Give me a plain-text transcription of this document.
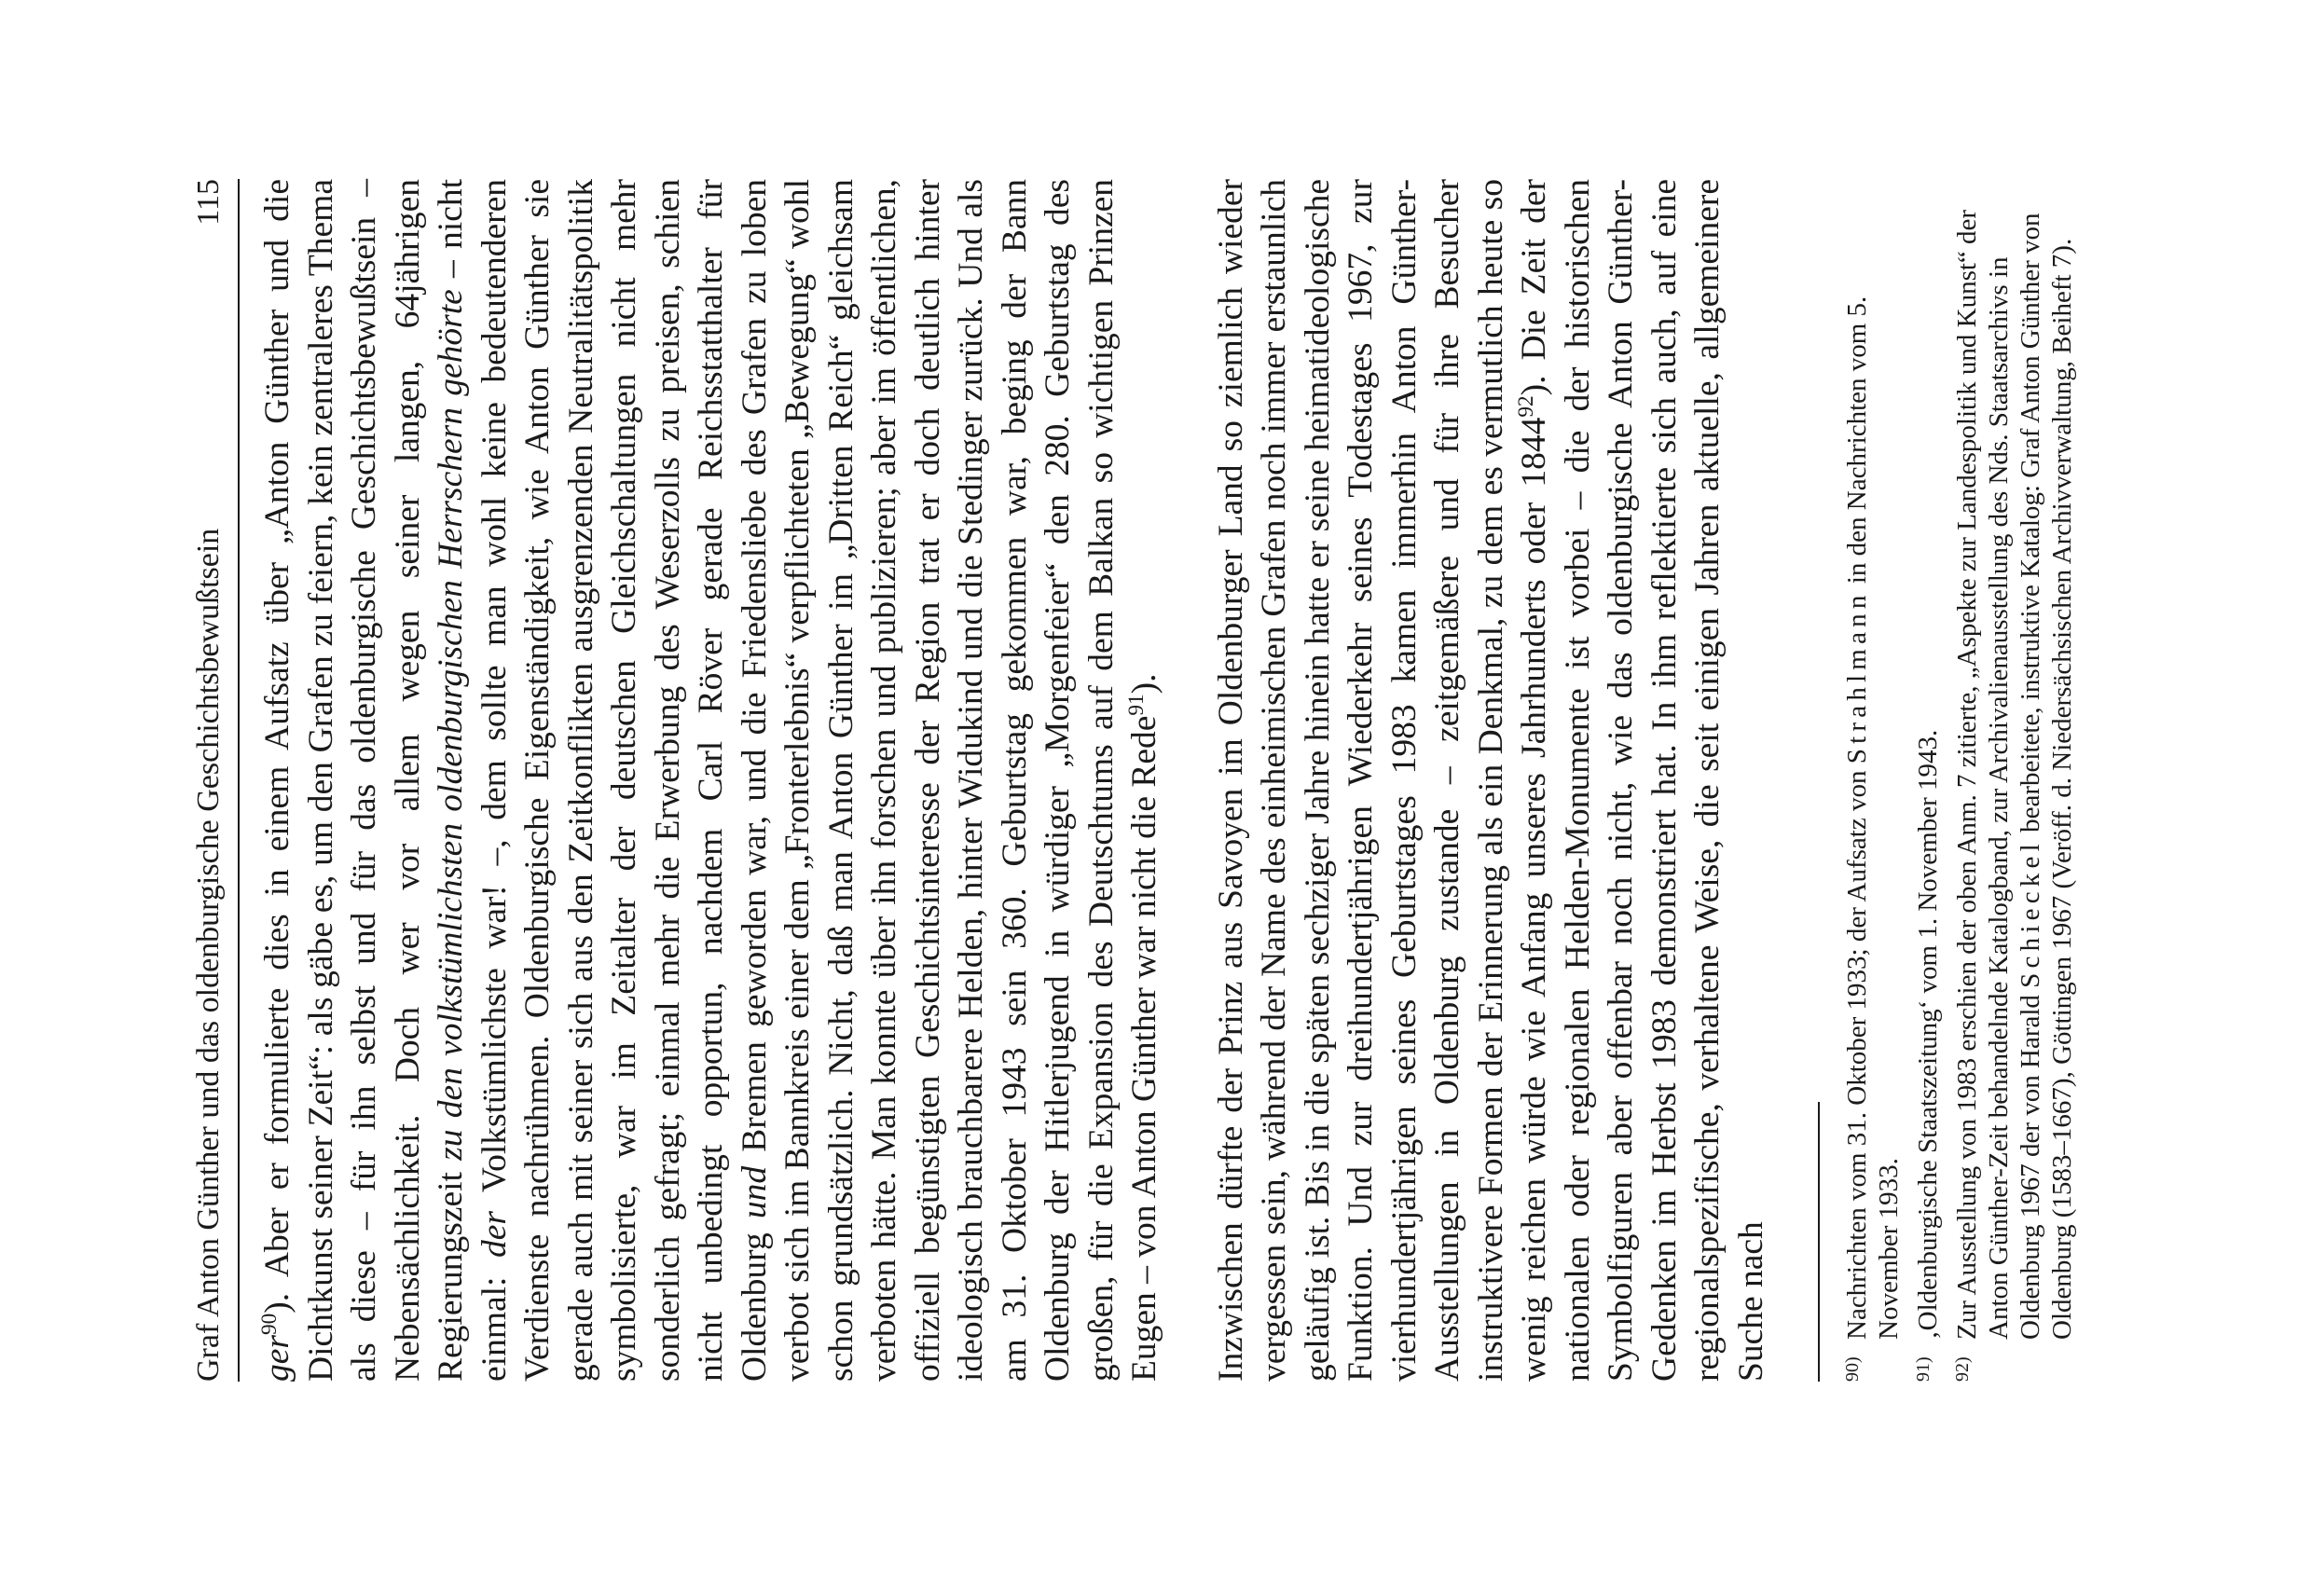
Graf Anton Günther und das oldenburgische Geschichtsbewußtsein
115

ger$^{90}$). Aber er formulierte dies in einem Aufsatz über „Anton Günther und die Dichtkunst seiner Zeit“: als gäbe es, um den Grafen zu feiern, kein zentraleres Thema als diese – für ihn selbst und für das oldenburgische Geschichtsbewußtsein – Nebensächlichkeit. Doch wer vor allem wegen seiner langen, 64jährigen Regierungszeit zu den volkstümlichsten oldenburgischen Herrschern gehörte – nicht einmal: der Volkstümlichste war! –, dem sollte man wohl keine bedeutenderen Verdienste nachrühmen. Oldenburgische Eigenständigkeit, wie Anton Günther sie gerade auch mit seiner sich aus den Zeitkonflikten ausgrenzenden Neutralitätspolitik symbolisierte, war im Zeitalter der deutschen Gleichschaltungen nicht mehr sonderlich gefragt; einmal mehr die Erwerbung des Weserzolls zu preisen, schien nicht unbedingt opportun, nachdem Carl Röver gerade Reichsstatthalter für Oldenburg und Bremen geworden war, und die Friedensliebe des Grafen zu loben verbot sich im Bannkreis einer dem „Fronterlebnis“ verpflichteten „Bewegung“ wohl schon grundsätzlich. Nicht, daß man Anton Günther im „Dritten Reich“ gleichsam verboten hätte. Man konnte über ihn forschen und publizieren; aber im öffentlichen, offiziell begünstigten Geschichtsinteresse der Region trat er doch deutlich hinter ideologisch brauchbarere Helden, hinter Widukind und die Stedinger zurück. Und als am 31. Oktober 1943 sein 360. Geburtstag gekommen war, beging der Bann Oldenburg der Hitlerjugend in würdiger „Morgenfeier“ den 280. Geburtstag des großen, für die Expansion des Deutschtums auf dem Balkan so wichtigen Prinzen Eugen – von Anton Günther war nicht die Rede$^{91}$). Inzwischen dürfte der Prinz aus Savoyen im Oldenburger Land so ziemlich wieder vergessen sein, während der Name des einheimischen Grafen noch immer erstaunlich geläufig ist. Bis in die späten sechziger Jahre hinein hatte er seine heimatideologische Funktion. Und zur dreihundertjährigen Wiederkehr seines Todestages 1967, zur vierhundertjährigen seines Geburtstages 1983 kamen immerhin Anton Günther-Ausstellungen in Oldenburg zustande – zeitgemäßere und für ihre Besucher instruktivere Formen der Erinnerung als ein Denkmal, zu dem es vermutlich heute so wenig reichen würde wie Anfang unseres Jahrhunderts oder 1844$^{92}$). Die Zeit der nationalen oder regionalen Helden-Monumente ist vorbei – die der historischen Symbolfiguren aber offenbar noch nicht, wie das oldenburgische Anton Günther-Gedenken im Herbst 1983 demonstriert hat. In ihm reflektierte sich auch, auf eine regionalspezifische, verhaltene Weise, die seit einigen Jahren aktuelle, allgemeinere Suche nach	90)
Nachrichten vom 31. Oktober 1933; der Aufsatz von Strahlmann in den Nachrichten vom 5. November 1933.
91)
‚Oldenburgische Staatszeitung‘ vom 1. November 1943.
92)
Zur Ausstellung von 1983 erschien der oben Anm. 7 zitierte, „Aspekte zur Landespolitik und Kunst“ der Anton Günther-Zeit behandelnde Katalogband, zur Archivalienausstellung des Nds. Staatsarchivs in Oldenburg 1967 der von Harald Schieckel bearbeitete, instruktive Katalog: Graf Anton Günther von Oldenburg (1583–1667), Göttingen 1967 (Veröff. d. Niedersächsischen Archivverwaltung, Beiheft 7).
